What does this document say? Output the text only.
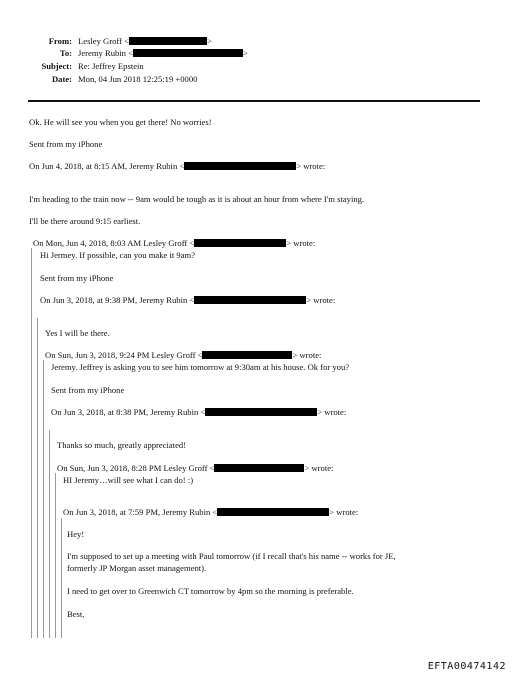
From: Lesley Groff <	>
To: Jeremy Rubin <	>
Subject: Re: Jeffrey Epstein
Date: Mon, 04 Jun 2018 12:25:19 +0000
Ok. He will see you when you get there! No worries!
Sent from my iPhone
On Jun 4, 2018, at 8:15 AM, Jeremy Rubin <	> wrote:
I'm heading to the train now -- 9am would be tough as it is about an hour from where I'm staying.
I'll be there around 9:15 earliest.
On Mon, Jun 4, 2018, 8:03 AM Lesley Groff <	> wrote:
Hi Jermey. If possible, can you make it 9am?
Sent from my iPhone
On Jun 3, 2018, at 9:38 PM, Jeremy Rubin <	> wrote:
Yes I will be there.
On Sun, Jun 3, 2018, 9:24 PM Lesley Groff <	> wrote:
Jeremy. Jeffrey is asking you to see him tomorrow at 9:30am at his house. Ok for you?
Sent from my iPhone
On Jun 3, 2018, at 8:38 PM, Jeremy Rubin <	> wrote:
Thanks so much, greatly appreciated!
On Sun, Jun 3, 2018, 8:28 PM Lesley Groff <	> wrote:
HI Jeremy…will see what I can do! :)
On Jun 3, 2018, at 7:59 PM, Jeremy Rubin <	> wrote:
Hey!
I'm supposed to set up a meeting with Paul tomorrow (if I recall that's his name -- works for JE,
formerly JP Morgan asset management).
I need to get over to Greenwich CT tomorrow by 4pm so the morning is preferable.
Best,
EFTA00474142
